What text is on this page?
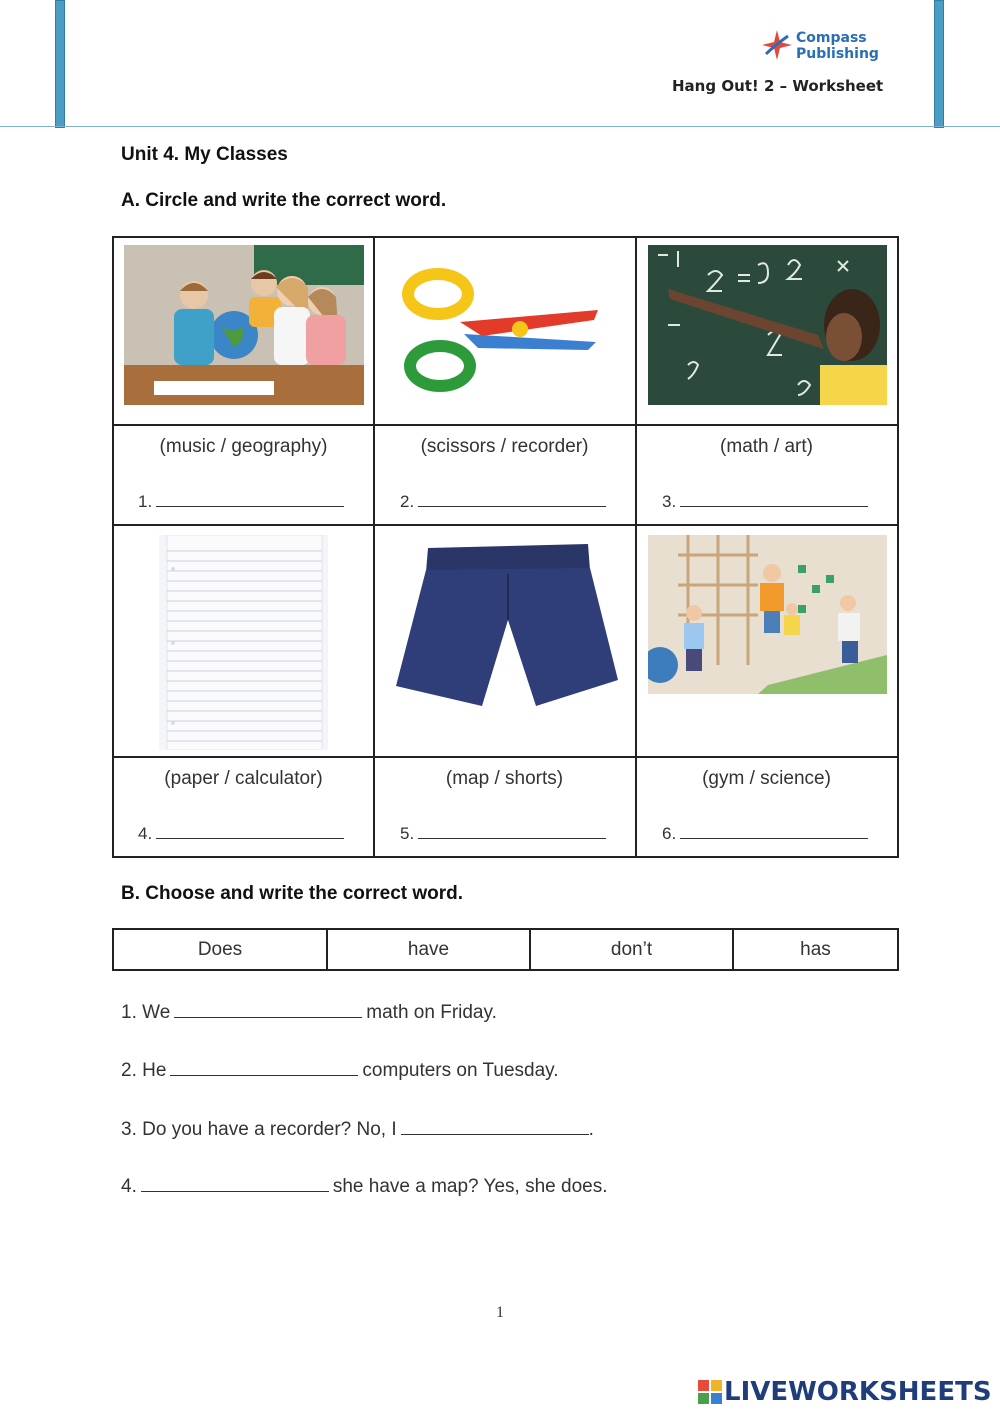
Compass
Publishing
Hang Out! 2 – Worksheet
Unit 4. My Classes
A. Circle and write the correct word.
(music / geography)	(scissors / recorder)	(math / art)
(paper / calculator)	(map / shorts)	(gym / science)
1.	2.	3.
4.	5.	6.
B. Choose and write the correct word.
Does	have	don’t	has
1. We	math on Friday.
2. He	computers on Tuesday.
3. Do you have a recorder? No, I	.
4.	she have a map? Yes, she does.
1
LIVEWORKSHEETS
